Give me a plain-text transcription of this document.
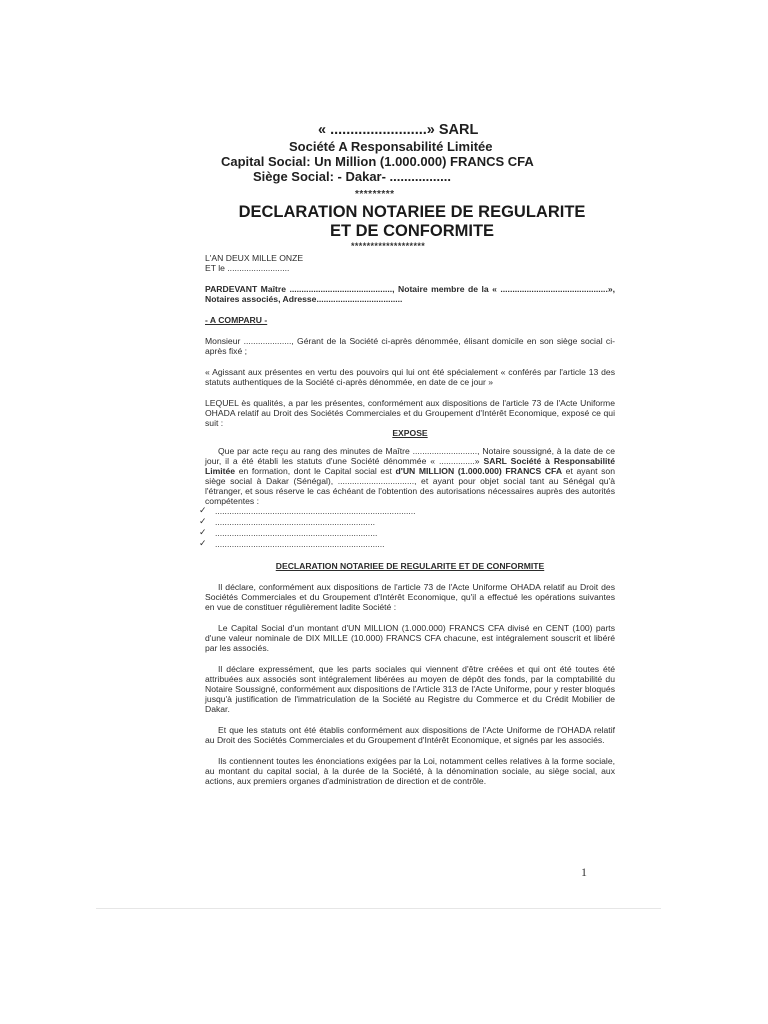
« ........................» SARL
Société A Responsabilité Limitée
Capital Social: Un Million (1.000.000) FRANCS CFA
Siège Social: - Dakar- .................
*********
DECLARATION NOTARIEE DE REGULARITE
ET DE CONFORMITE
*******************

L'AN DEUX MILLE ONZE

ET le ..........................

PARDEVANT Maître ..........................................., Notaire membre de la « .............................................», Notaires associés, Adresse....................................

- A COMPARU -

Monsieur ...................., Gérant de la Société ci-après dénommée, élisant domicile en son siège social ci-après fixé ;

« Agissant aux présentes en vertu des pouvoirs qui lui ont été spécialement « conférés par l'article 13 des statuts authentiques de la Société ci-après dénommée, en date de ce jour »

LEQUEL ès qualités, a par les présentes, conformément aux dispositions de l'article 73 de l'Acte Uniforme OHADA relatif au Droit des Sociétés Commerciales et du Groupement d'Intérêt Economique, exposé ce qui suit :

EXPOSE

Que par acte reçu au rang des minutes de Maître ..........................., Notaire soussigné, à la date de ce jour, il a été établi les statuts d'une Société dénommée « ...............» SARL Société à Responsabilité Limitée en formation, dont le Capital social est d'UN MILLION (1.000.000) FRANCS CFA et ayant son siège social à Dakar (Sénégal), ................................, et ayant pour objet social tant au Sénégal qu'à l'étranger, et sous réserve le cas échéant de l'obtention des autorisations nécessaires auprès des autorités compétentes :

✓ ....................................................................................
✓ ...................................................................
✓ ....................................................................
✓ .......................................................................

DECLARATION NOTARIEE DE REGULARITE ET DE CONFORMITE

Il déclare, conformément aux dispositions de l'article 73 de l'Acte Uniforme OHADA relatif au Droit des Sociétés Commerciales et du Groupement d'Intérêt Economique, qu'il a effectué les opérations suivantes en vue de constituer régulièrement ladite Société :

Le Capital Social d'un montant d'UN MILLION (1.000.000) FRANCS CFA divisé en CENT (100) parts d'une valeur nominale de DIX MILLE (10.000) FRANCS CFA chacune, est intégralement souscrit et libéré par les associés.

Il déclare expressément, que les parts sociales qui viennent d'être créées et qui ont été toutes été attribuées aux associés sont intégralement libérées au moyen de dépôt des fonds, par la comptabilité du Notaire Soussigné, conformément aux dispositions de l'Article 313 de l'Acte Uniforme, pour y rester bloqués jusqu'à justification de l'immatriculation de la Société au Registre du Commerce et du Crédit Mobilier de Dakar.

Et que les statuts ont été établis conformément aux dispositions de l'Acte Uniforme de l'OHADA relatif au Droit des Sociétés Commerciales et du Groupement d'Intérêt Economique, et signés par les associés.

Ils contiennent toutes les énonciations exigées par la Loi, notamment celles relatives à la forme sociale, au montant du capital social, à la durée de la Société, à la dénomination sociale, au siège social, aux actions, aux premiers organes d'administration de direction et de contrôle.

1
